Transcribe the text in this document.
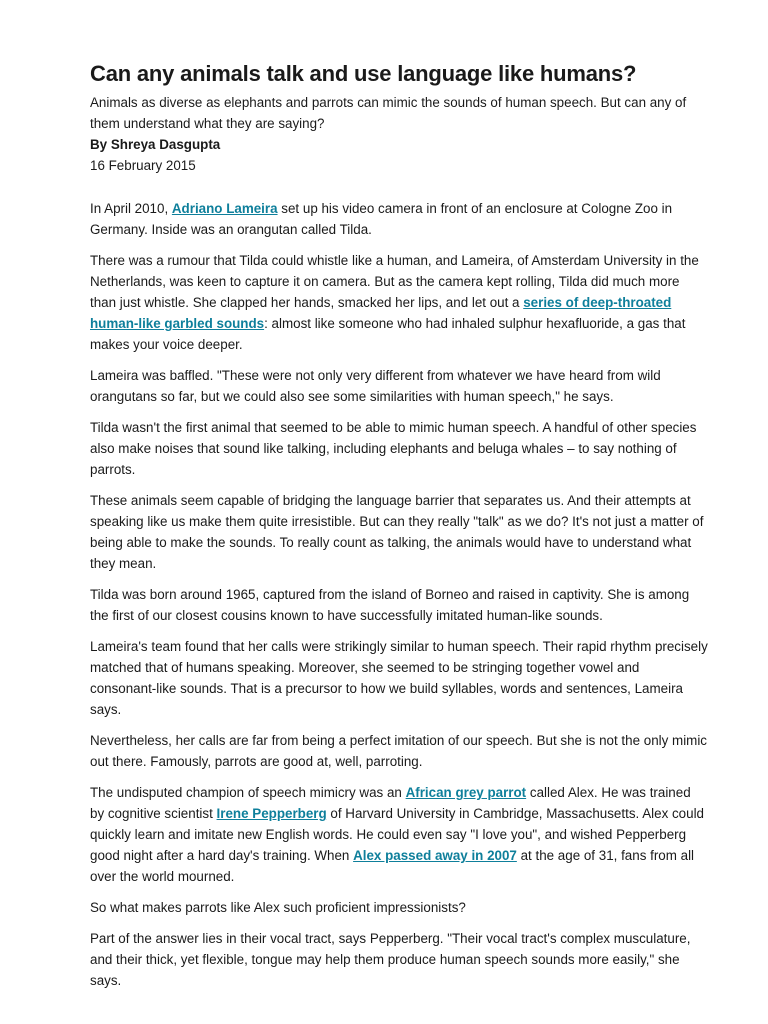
Can any animals talk and use language like humans?

Animals as diverse as elephants and parrots can mimic the sounds of human speech. But can any of them understand what they are saying?

By Shreya Dasgupta

16 February 2015

In April 2010, Adriano Lameira set up his video camera in front of an enclosure at Cologne Zoo in Germany. Inside was an orangutan called Tilda.

There was a rumour that Tilda could whistle like a human, and Lameira, of Amsterdam University in the Netherlands, was keen to capture it on camera. But as the camera kept rolling, Tilda did much more than just whistle. She clapped her hands, smacked her lips, and let out a series of deep-throated human-like garbled sounds: almost like someone who had inhaled sulphur hexafluoride, a gas that makes your voice deeper.

Lameira was baffled. "These were not only very different from whatever we have heard from wild orangutans so far, but we could also see some similarities with human speech," he says.

Tilda wasn't the first animal that seemed to be able to mimic human speech. A handful of other species also make noises that sound like talking, including elephants and beluga whales – to say nothing of parrots.

These animals seem capable of bridging the language barrier that separates us. And their attempts at speaking like us make them quite irresistible. But can they really "talk" as we do? It's not just a matter of being able to make the sounds. To really count as talking, the animals would have to understand what they mean.

Tilda was born around 1965, captured from the island of Borneo and raised in captivity. She is among the first of our closest cousins known to have successfully imitated human-like sounds.

Lameira's team found that her calls were strikingly similar to human speech. Their rapid rhythm precisely matched that of humans speaking. Moreover, she seemed to be stringing together vowel and consonant-like sounds. That is a precursor to how we build syllables, words and sentences, Lameira says.

Nevertheless, her calls are far from being a perfect imitation of our speech. But she is not the only mimic out there. Famously, parrots are good at, well, parroting.

The undisputed champion of speech mimicry was an African grey parrot called Alex. He was trained by cognitive scientist Irene Pepperberg of Harvard University in Cambridge, Massachusetts. Alex could quickly learn and imitate new English words. He could even say "I love you", and wished Pepperberg good night after a hard day's training. When Alex passed away in 2007 at the age of 31, fans from all over the world mourned.

So what makes parrots like Alex such proficient impressionists?

Part of the answer lies in their vocal tract, says Pepperberg. "Their vocal tract's complex musculature, and their thick, yet flexible, tongue may help them produce human speech sounds more easily," she says.
